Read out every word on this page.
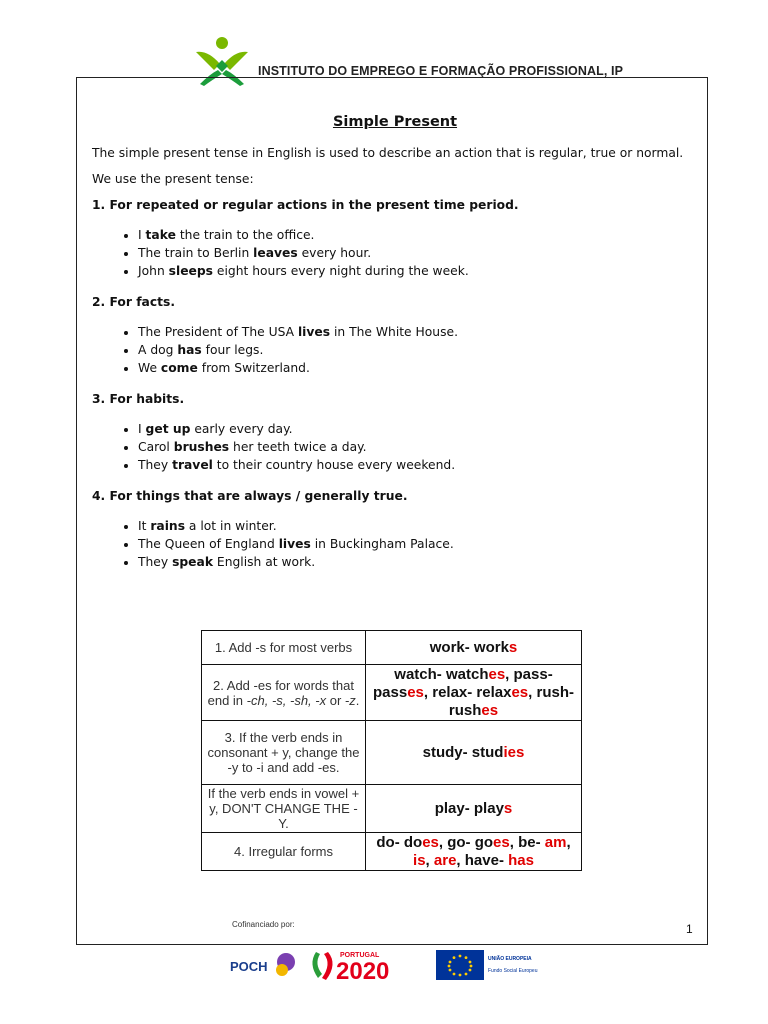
INSTITUTO DO EMPREGO E FORMAÇÃO PROFISSIONAL, IP
Simple Present

The simple present tense in English is used to describe an action that is regular, true or normal.

We use the present tense:

1. For repeated or regular actions in the present time period.

• I take the train to the office.
• The train to Berlin leaves every hour.
• John sleeps eight hours every night during the week.

2. For facts.

• The President of The USA lives in The White House.
• A dog has four legs.
• We come from Switzerland.

3. For habits.

• I get up early every day.
• Carol brushes her teeth twice a day.
• They travel to their country house every weekend.

4. For things that are always / generally true.

• It rains a lot in winter.
• The Queen of England lives in Buckingham Palace.
• They speak English at work.
1. Add -s for most verbs	work- works
2. Add -es for words that end in -ch, -s, -sh, -x or -z.	watch- watches, pass- passes, relax- relaxes, rush- rushes
3. If the verb ends in consonant + y, change the -y to -i and add -es.	study- studies
If the verb ends in vowel + y, DON'T CHANGE THE -Y.	play- plays
4. Irregular forms	do- does, go- goes, be- am, is, are, have- has
Cofinanciado por:	1
POCH
PORTUGAL
2020	UNIÃO EUROPEIA
Fundo Social Europeu
